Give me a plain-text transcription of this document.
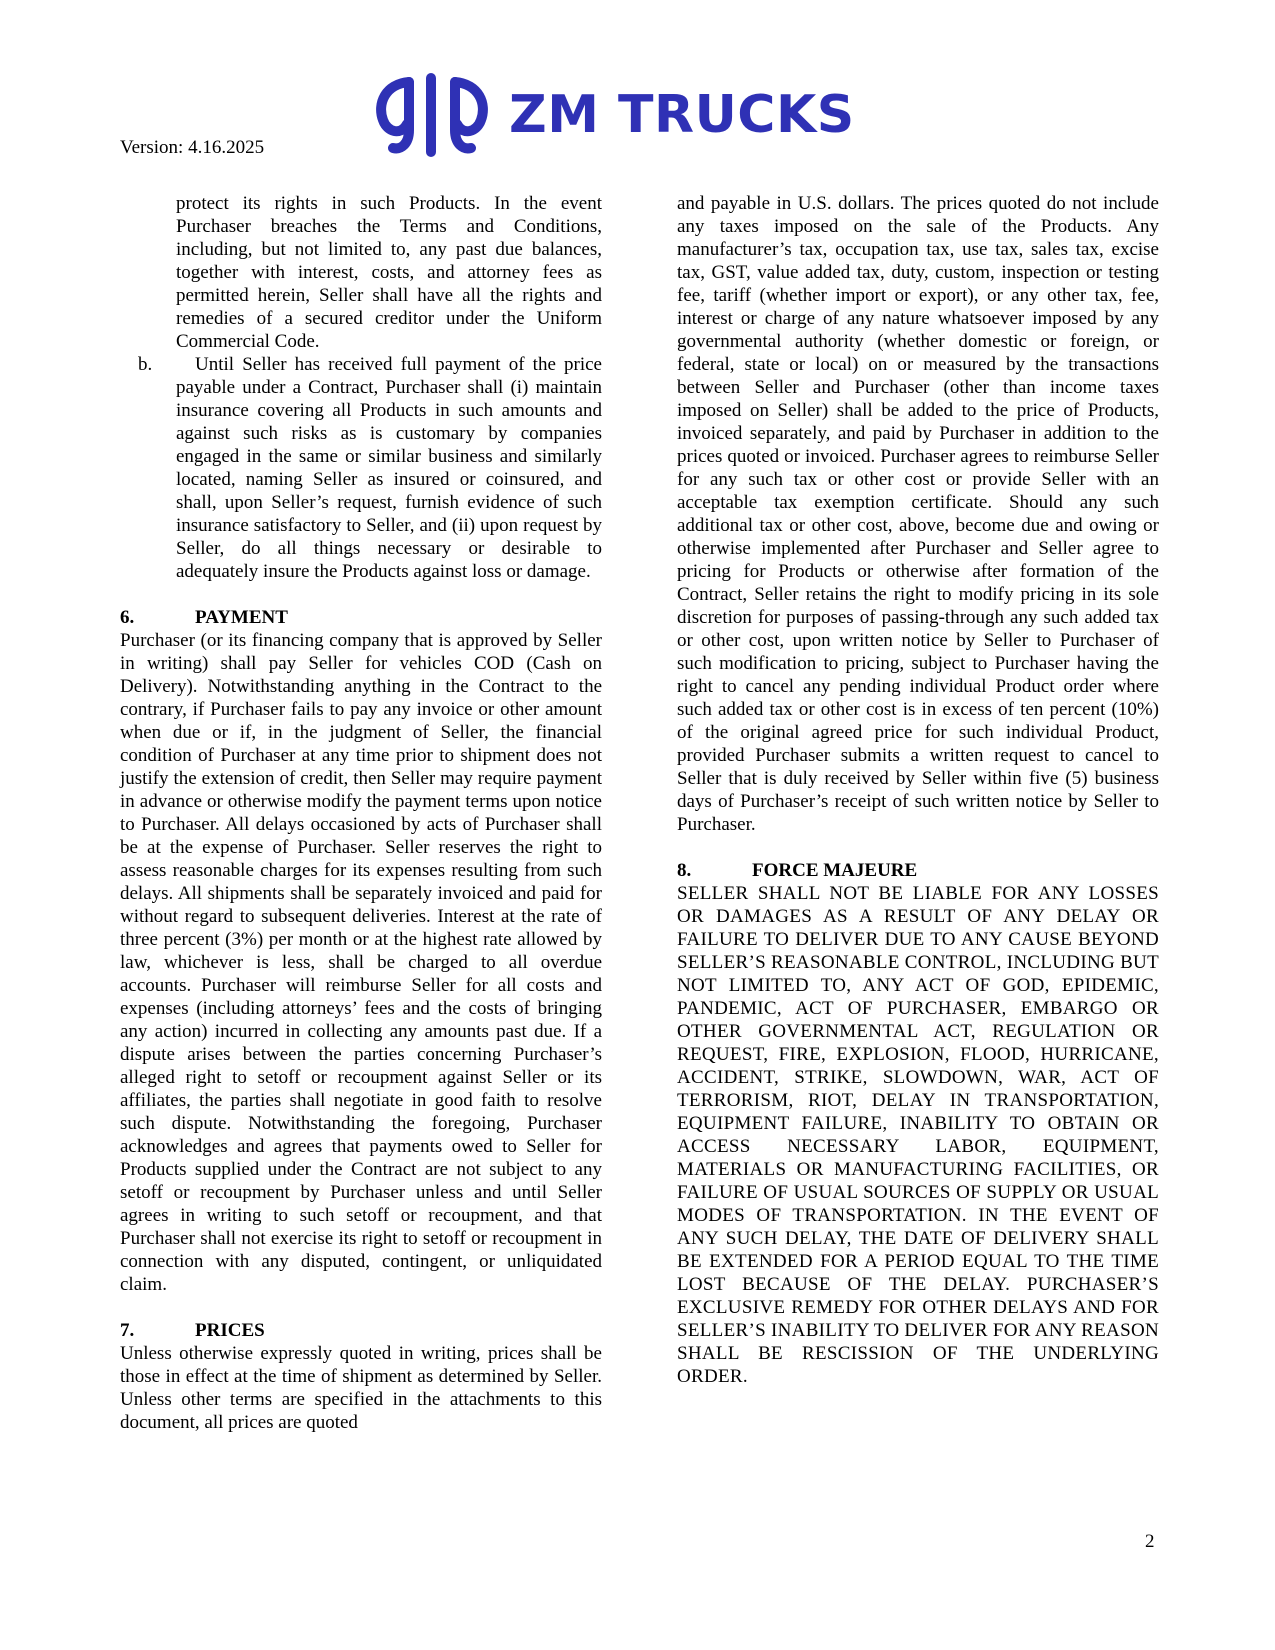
Version: 4.16.2025
ZM TRUCKS

protect its rights in such Products. In the event Purchaser breaches the Terms and Conditions, including, but not limited to, any past due balances, together with interest, costs, and attorney fees as permitted herein, Seller shall have all the rights and remedies of a secured creditor under the Uniform Commercial Code.

b.	Until Seller has received full payment of the price payable under a Contract, Purchaser shall (i) maintain insurance covering all Products in such amounts and against such risks as is customary by companies engaged in the same or similar business and similarly located, naming Seller as insured or coinsured, and shall, upon Seller’s request, furnish evidence of such insurance satisfactory to Seller, and (ii) upon request by Seller, do all things necessary or desirable to adequately insure the Products against loss or damage.

6.	PAYMENT

Purchaser (or its financing company that is approved by Seller in writing) shall pay Seller for vehicles COD (Cash on Delivery). Notwithstanding anything in the Contract to the contrary, if Purchaser fails to pay any invoice or other amount when due or if, in the judgment of Seller, the financial condition of Purchaser at any time prior to shipment does not justify the extension of credit, then Seller may require payment in advance or otherwise modify the payment terms upon notice to Purchaser. All delays occasioned by acts of Purchaser shall be at the expense of Purchaser. Seller reserves the right to assess reasonable charges for its expenses resulting from such delays. All shipments shall be separately invoiced and paid for without regard to subsequent deliveries. Interest at the rate of three percent (3%) per month or at the highest rate allowed by law, whichever is less, shall be charged to all overdue accounts. Purchaser will reimburse Seller for all costs and expenses (including attorneys’ fees and the costs of bringing any action) incurred in collecting any amounts past due. If a dispute arises between the parties concerning Purchaser’s alleged right to setoff or recoupment against Seller or its affiliates, the parties shall negotiate in good faith to resolve such dispute. Notwithstanding the foregoing, Purchaser acknowledges and agrees that payments owed to Seller for Products supplied under the Contract are not subject to any setoff or recoupment by Purchaser unless and until Seller agrees in writing to such setoff or recoupment, and that Purchaser shall not exercise its right to setoff or recoupment in connection with any disputed, contingent, or unliquidated claim.

7.	PRICES

Unless otherwise expressly quoted in writing, prices shall be those in effect at the time of shipment as determined by Seller. Unless other terms are specified in the attachments to this document, all prices are quoted

and payable in U.S. dollars. The prices quoted do not include any taxes imposed on the sale of the Products. Any manufacturer’s tax, occupation tax, use tax, sales tax, excise tax, GST, value added tax, duty, custom, inspection or testing fee, tariff (whether import or export), or any other tax, fee, interest or charge of any nature whatsoever imposed by any governmental authority (whether domestic or foreign, or federal, state or local) on or measured by the transactions between Seller and Purchaser (other than income taxes imposed on Seller) shall be added to the price of Products, invoiced separately, and paid by Purchaser in addition to the prices quoted or invoiced. Purchaser agrees to reimburse Seller for any such tax or other cost or provide Seller with an acceptable tax exemption certificate. Should any such additional tax or other cost, above, become due and owing or otherwise implemented after Purchaser and Seller agree to pricing for Products or otherwise after formation of the Contract, Seller retains the right to modify pricing in its sole discretion for purposes of passing-through any such added tax or other cost, upon written notice by Seller to Purchaser of such modification to pricing, subject to Purchaser having the right to cancel any pending individual Product order where such added tax or other cost is in excess of ten percent (10%) of the original agreed price for such individual Product, provided Purchaser submits a written request to cancel to Seller that is duly received by Seller within five (5) business days of Purchaser’s receipt of such written notice by Seller to Purchaser.

8.	FORCE MAJEURE

SELLER SHALL NOT BE LIABLE FOR ANY LOSSES OR DAMAGES AS A RESULT OF ANY DELAY OR FAILURE TO DELIVER DUE TO ANY CAUSE BEYOND SELLER’S REASONABLE CONTROL, INCLUDING BUT NOT LIMITED TO, ANY ACT OF GOD, EPIDEMIC, PANDEMIC, ACT OF PURCHASER, EMBARGO OR OTHER GOVERNMENTAL ACT, REGULATION OR REQUEST, FIRE, EXPLOSION, FLOOD, HURRICANE, ACCIDENT, STRIKE, SLOWDOWN, WAR, ACT OF TERRORISM, RIOT, DELAY IN TRANSPORTATION, EQUIPMENT FAILURE, INABILITY TO OBTAIN OR ACCESS NECESSARY LABOR, EQUIPMENT, MATERIALS OR MANUFACTURING FACILITIES, OR FAILURE OF USUAL SOURCES OF SUPPLY OR USUAL MODES OF TRANSPORTATION. IN THE EVENT OF ANY SUCH DELAY, THE DATE OF DELIVERY SHALL BE EXTENDED FOR A PERIOD EQUAL TO THE TIME LOST BECAUSE OF THE DELAY. PURCHASER’S EXCLUSIVE REMEDY FOR OTHER DELAYS AND FOR SELLER’S INABILITY TO DELIVER FOR ANY REASON SHALL BE RESCISSION OF THE UNDERLYING ORDER.

2
